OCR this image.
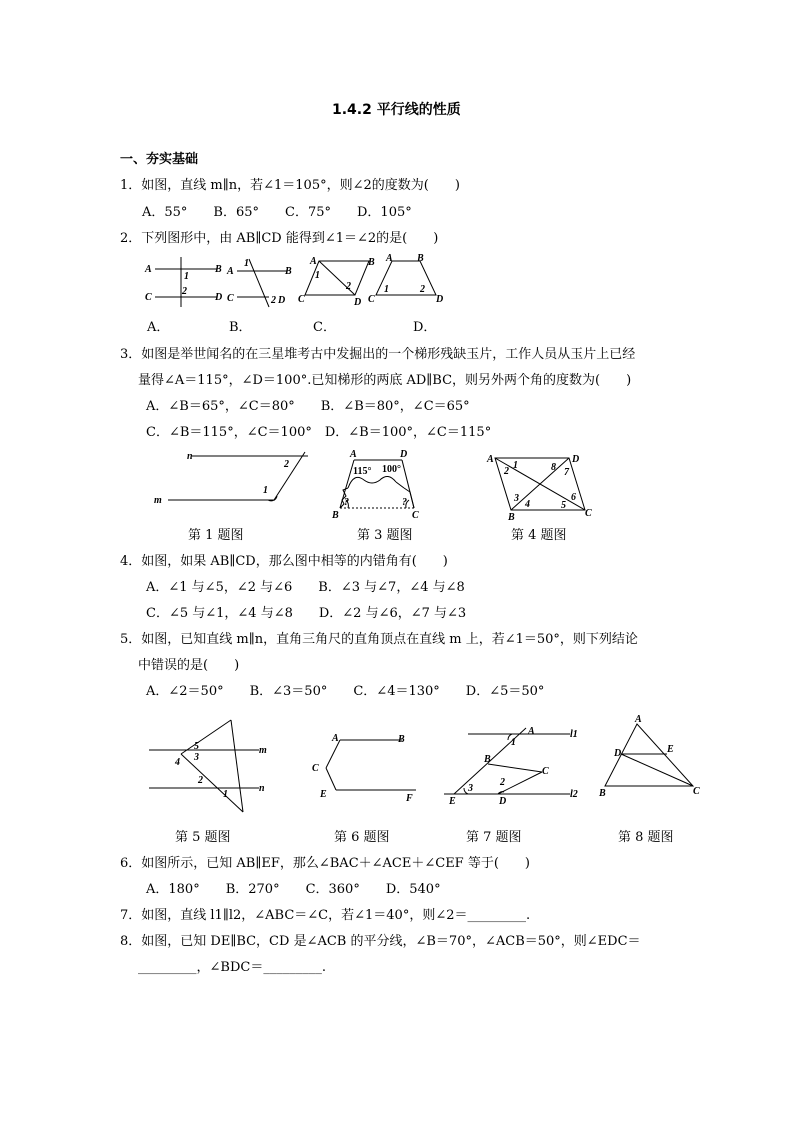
1.4.2 平行线的性质
一、夯实基础
1．如图，直线 m∥n，若∠1＝105°，则∠2的度数为(　　)
A．55°　　B．65°　　C．75°　　D．105°
2．下列图形中，由 AB∥CD 能得到∠1＝∠2的是(　　)
A	B
C	D
1
2
A	B
C
1
2 D
A	B
C	D
1
2
A B
C	D
1	2
A．	B．	C．	D．
3．如图是举世闻名的在三星堆考古中发掘出的一个梯形残缺玉片，工作人员从玉片上已经
量得∠A＝115°，∠D＝100°.已知梯形的两底 AD∥BC，则另外两个角的度数为(　　)
A．∠B＝65°，∠C＝80°　　B．∠B＝80°，∠C＝65°
C．∠B＝115°，∠C＝100°　D．∠B＝100°，∠C＝115°
n
m
1
2
A	D
115° 100°
B	C
?	?
A	D
B	C
1
2
3
4	5
6
7
8
第 1 题图	第 3 题图	第 4 题图
4．如图，如果 AB∥CD，那么图中相等的内错角有(　　)
A．∠1 与∠5，∠2 与∠6　　B．∠3 与∠7，∠4 与∠8
C．∠5 与∠1，∠4 与∠8　　D．∠2 与∠6，∠7 与∠3
5．如图，已知直线 m∥n，直角三角尺的直角顶点在直线 m 上，若∠1＝50°，则下列结论
中错误的是(　　)
A．∠2＝50°　　B．∠3＝50°　　C．∠4＝130°　　D．∠5＝50°
m
n
1
2
3
4
5
A	B
C
E	F
A
B
C
D
E
l1
l2
1
2
3
A
D	E
B	C
第 5 题图	第 6 题图	第 7 题图	第 8 题图
6．如图所示，已知 AB∥EF，那么∠BAC＋∠ACE＋∠CEF 等于(　　)
A．180°　　B．270°　　C．360°　　D．540°
7．如图，直线 l1∥l2，∠ABC＝∠C，若∠1＝40°，则∠2＝_________.
8．如图，已知 DE∥BC，CD 是∠ACB 的平分线，∠B＝70°，∠ACB＝50°，则∠EDC＝
_________，∠BDC＝_________.
